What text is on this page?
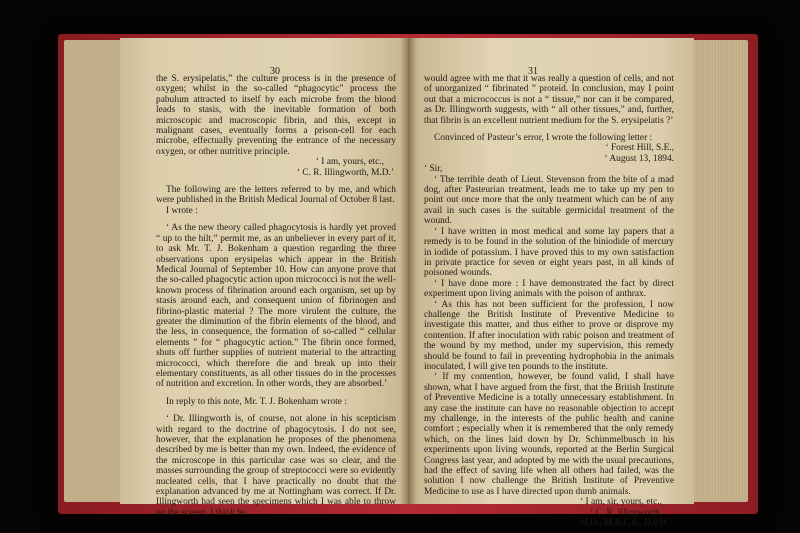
30

the S. erysipelatis,” the culture process is in the presence of oxygen; whilst in the so-called “phagocytic” process the pabulum attracted to itself by each microbe from the blood leads to stasis, with the inevitable formation of both microscopic and macroscopic fibrin, and this, except in malignant cases, eventually forms a prison-cell for each microbe, effectually preventing the entrance of the necessary oxygen, or other nutritive principle.

‘ I am, yours, etc.,

‘ C. R. Illingworth, M.D.’

The following are the letters referred to by me, and which were published in the British Medical Journal of October 8 last.

I wrote :

‘ As the new theory called phagocytosis is hardly yet proved “ up to the hilt,” permit me, as an unbeliever in every part of it, to ask Mr. T. J. Bokenham a question regarding the three observations upon erysipelas which appear in the British Medical Journal of September 10. How can anyone prove that the so-called phagocytic action upon micrococci is not the well-known process of fibrination around each organism, set up by stasis around each, and consequent union of fibrinogen and fibrino-plastic material ? The more virulent the culture, the greater the diminution of the fibrin elements of the blood, and the less, in consequence, the formation of so-called “ cellular elements ” for “ phagocytic action.” The fibrin once formed, shuts off further supplies of nutrient material to the attracting micrococci, which therefore die and break up into their elementary constituents, as all other tissues do in the processes of nutrition and excretion. In other words, they are absorbed.’

In reply to this note, Mr. T. J. Bokenham wrote :

‘ Dr. Illingworth is, of course, not alone in his scepticism with regard to the doctrine of phagocytosis. I do not see, however, that the explanation he proposes of the phenomena described by me is better than my own. Indeed, the evidence of the microscope in this particular case was so clear, and the masses surrounding the group of streptococci were so evidently nucleated cells, that I have practically no doubt that the explanation advanced by me at Nottingham was correct. If Dr. Illingworth had seen the specimens which I was able to throw on the screen, I think he

31

would agree with me that it was really a question of cells, and not of unorganized “ fibrinated ” proteid. In conclusion, may I point out that a micrococcus is not a “ tissue,” nor can it be compared, as Dr. Illingworth suggests, with “ all other tissues,” and, further, that fibrin is an excellent nutrient medium for the S. erysipelatis ?’

Convinced of Pasteur’s error, I wrote the following letter :

‘ Forest Hill, S.E.,

‘ August 13, 1894.

‘ Sir,

‘ The terrible death of Lieut. Stevenson from the bite of a mad dog, after Pasteurian treatment, leads me to take up my pen to point out once more that the only treatment which can be of any avail in such cases is the suitable germicidal treatment of the wound.

‘ I have written in most medical and some lay papers that a remedy is to be found in the solution of the biniodide of mercury in iodide of potassium. I have proved this to my own satisfaction in private practice for seven or eight years past, in all kinds of poisoned wounds.

‘ I have done more : I have demonstrated the fact by direct experiment upon living animals with the poison of anthrax.

‘ As this has not been sufficient for the profession, I now challenge the British Institute of Preventive Medicine to investigate this matter, and thus either to prove or disprove my contention. If after inoculation with rabic poison and treatment of the wound by my method, under my supervision, this remedy should be found to fail in preventing hydrophobia in the animals inoculated, I will give ten pounds to the institute.

‘ If my contention, however, be found valid, I shall have shown, what I have argued from the first, that the British Institute of Preventive Medicine is a totally unnecessary establishment. In any case the institute can have no reasonable objection to accept my challenge, in the interests of the public health and canine comfort ; especially when it is remembered that the only remedy which, on the lines laid down by Dr. Schimmelbusch in his experiments upon living wounds, reported at the Berlin Surgical Congress last year, and adopted by me with the usual precautions, had the effect of saving life when all others had failed, was the solution I now challenge the British Institute of Preventive Medicine to use as I have directed upon dumb animals.

‘ I am, sir, yours, etc.,

‘ C. R. Illingworth,

‘ M.D., M.R.C.S., D.P.H.’
